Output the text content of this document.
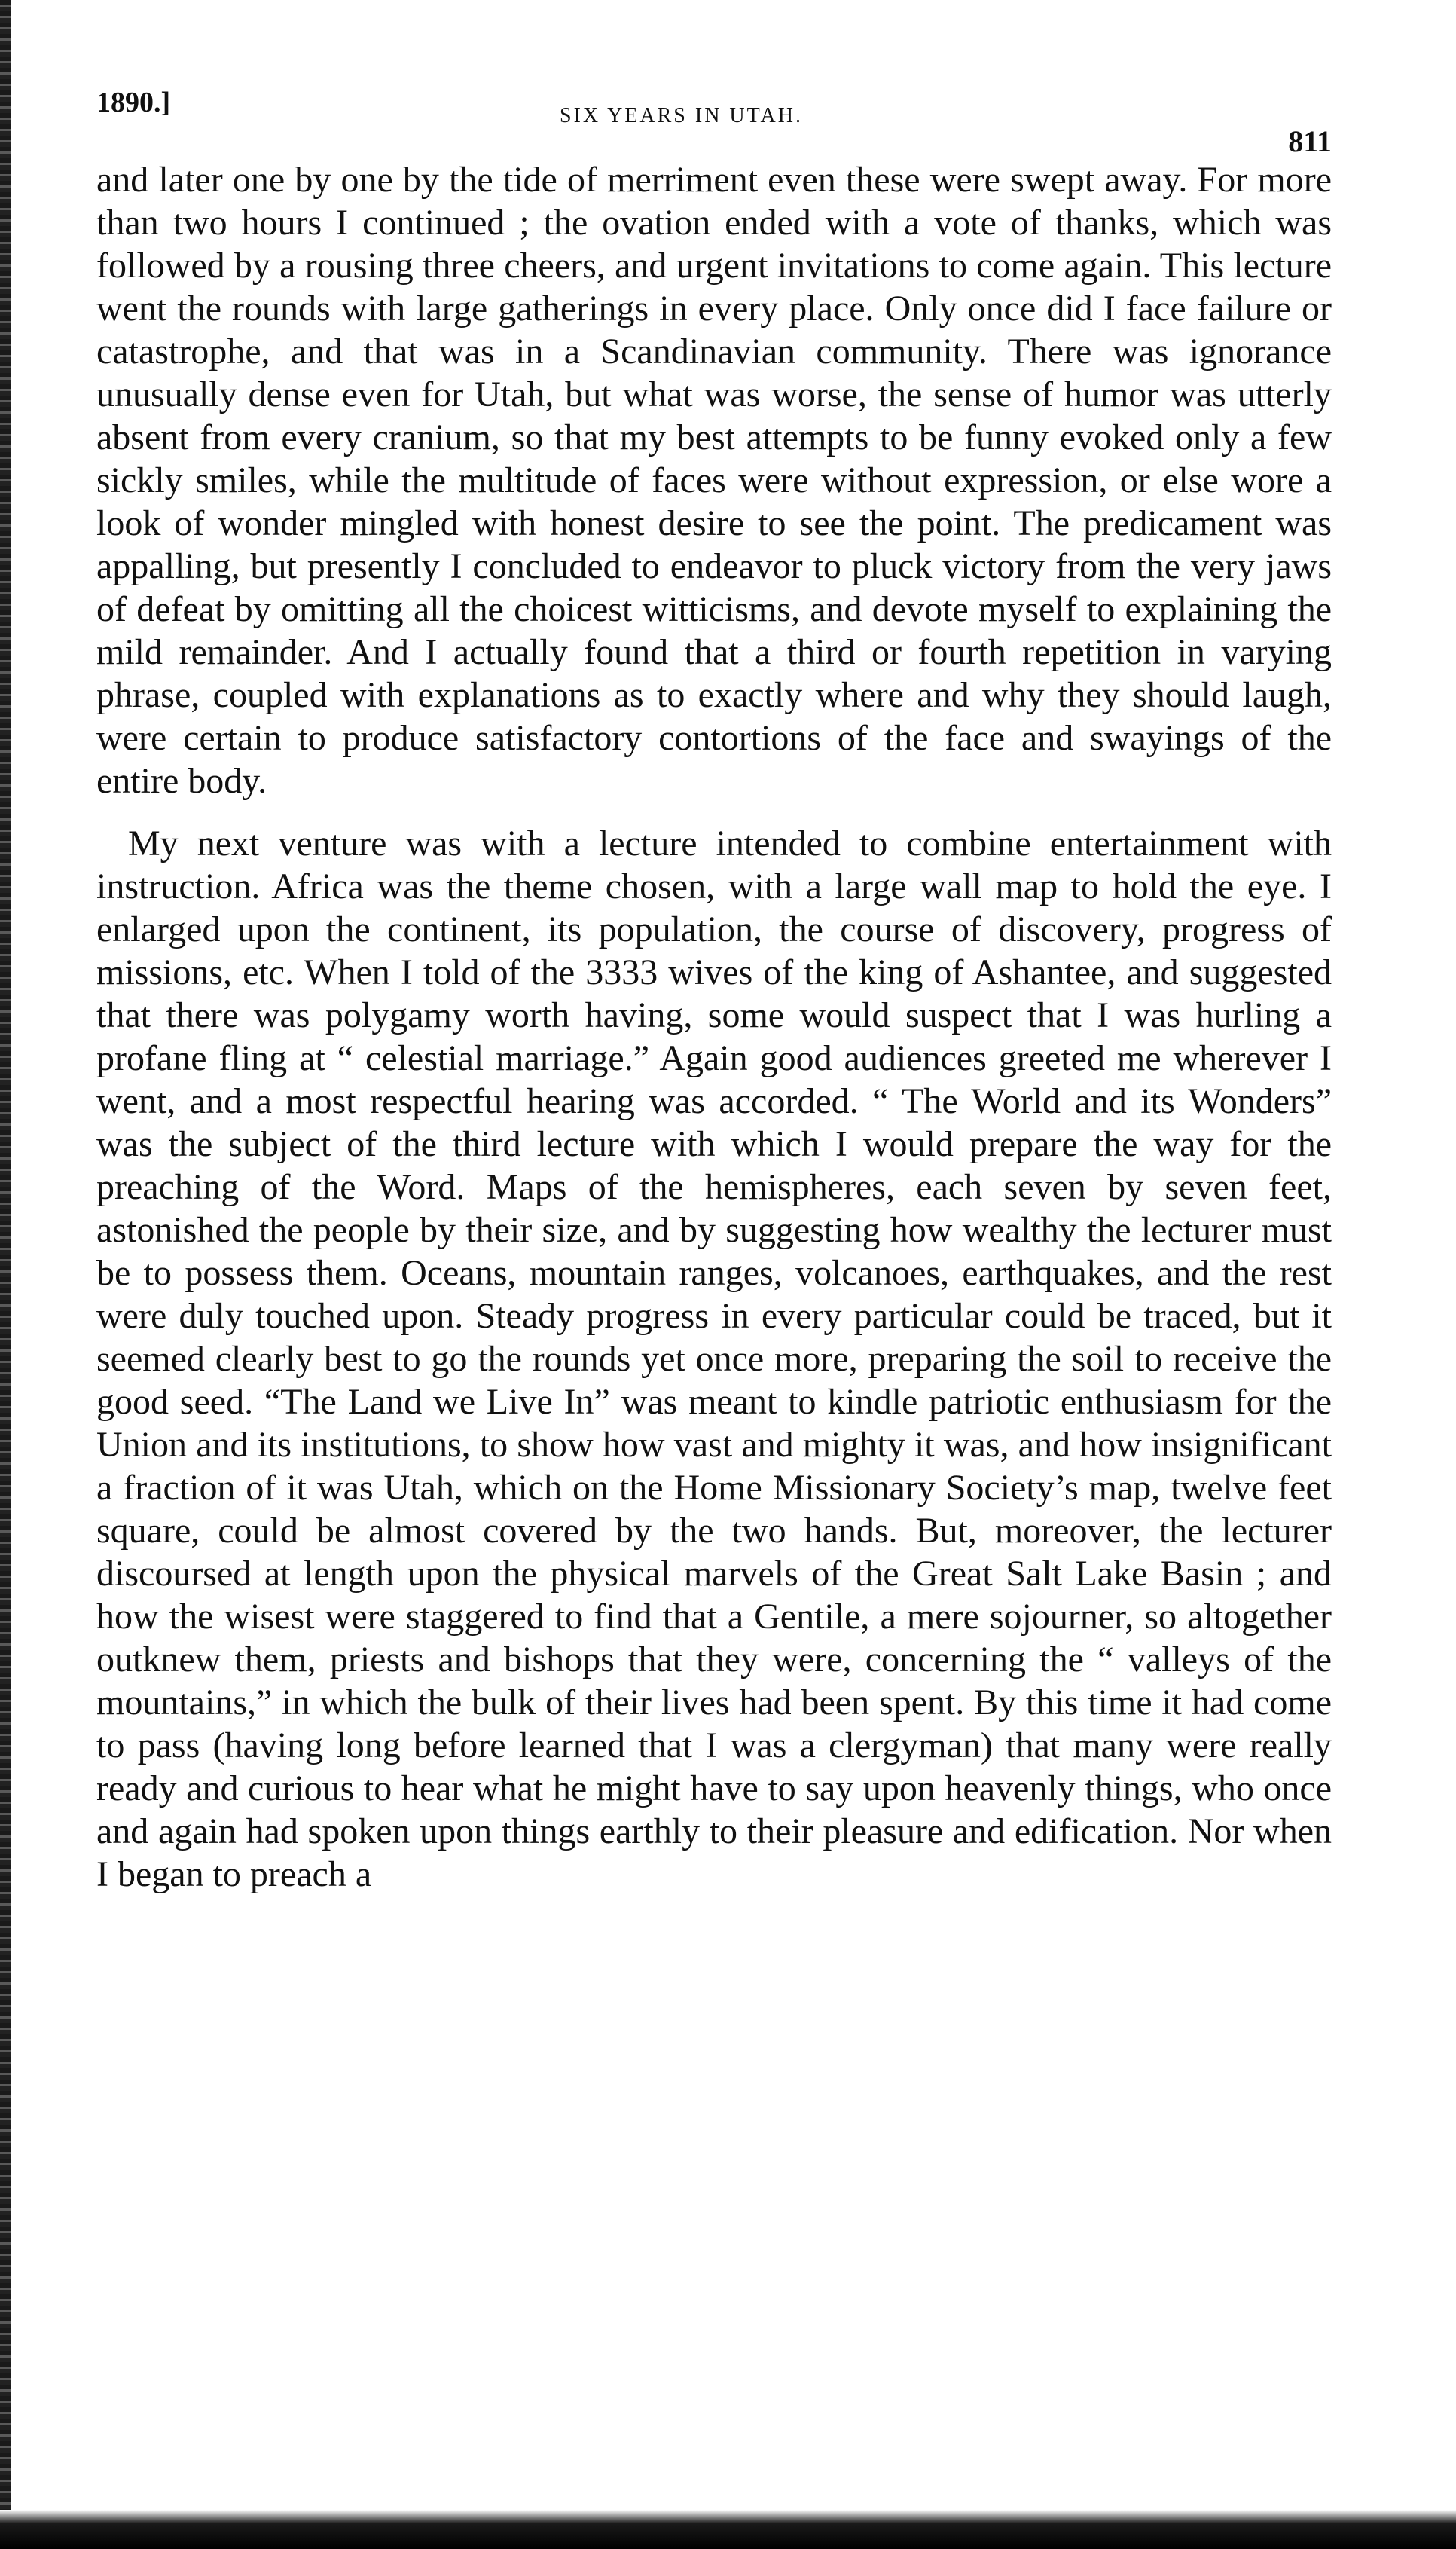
1890.]	SIX YEARS IN UTAH.
811

and later one by one by the tide of merriment even these were swept away. For more than two hours I continued ; the ovation ended with a vote of thanks, which was followed by a rousing three cheers, and urgent invitations to come again. This lecture went the rounds with large gatherings in every place. Only once did I face failure or catastrophe, and that was in a Scandinavian community. There was ignorance unusually dense even for Utah, but what was worse, the sense of humor was utterly absent from every cranium, so that my best attempts to be funny evoked only a few sickly smiles, while the multitude of faces were without expression, or else wore a look of wonder mingled with honest desire to see the point. The predicament was appalling, but presently I concluded to endeavor to pluck victory from the very jaws of defeat by omitting all the choicest witticisms, and devote myself to explaining the mild remainder. And I actually found that a third or fourth repetition in varying phrase, coupled with explanations as to exactly where and why they should laugh, were certain to produce satisfactory contortions of the face and swayings of the entire body.

My next venture was with a lecture intended to combine entertainment with instruction. Africa was the theme chosen, with a large wall map to hold the eye. I enlarged upon the continent, its population, the course of discovery, progress of missions, etc. When I told of the 3333 wives of the king of Ashantee, and suggested that there was polygamy worth having, some would suspect that I was hurling a profane fling at “ celestial marriage.” Again good audiences greeted me wherever I went, and a most respectful hearing was accorded. “ The World and its Wonders” was the subject of the third lecture with which I would prepare the way for the preaching of the Word. Maps of the hemispheres, each seven by seven feet, astonished the people by their size, and by suggesting how wealthy the lecturer must be to possess them. Oceans, mountain ranges, volcanoes, earthquakes, and the rest were duly touched upon. Steady progress in every particular could be traced, but it seemed clearly best to go the rounds yet once more, preparing the soil to receive the good seed. “The Land we Live In” was meant to kindle patriotic enthusiasm for the Union and its institutions, to show how vast and mighty it was, and how insignificant a fraction of it was Utah, which on the Home Missionary Society’s map, twelve feet square, could be almost covered by the two hands. But, moreover, the lecturer discoursed at length upon the physical marvels of the Great Salt Lake Basin ; and how the wisest were staggered to find that a Gentile, a mere sojourner, so altogether outknew them, priests and bishops that they were, concerning the “ valleys of the mountains,” in which the bulk of their lives had been spent. By this time it had come to pass (having long before learned that I was a clergyman) that many were really ready and curious to hear what he might have to say upon heavenly things, who once and again had spoken upon things earthly to their pleasure and edification. Nor when I began to preach a
